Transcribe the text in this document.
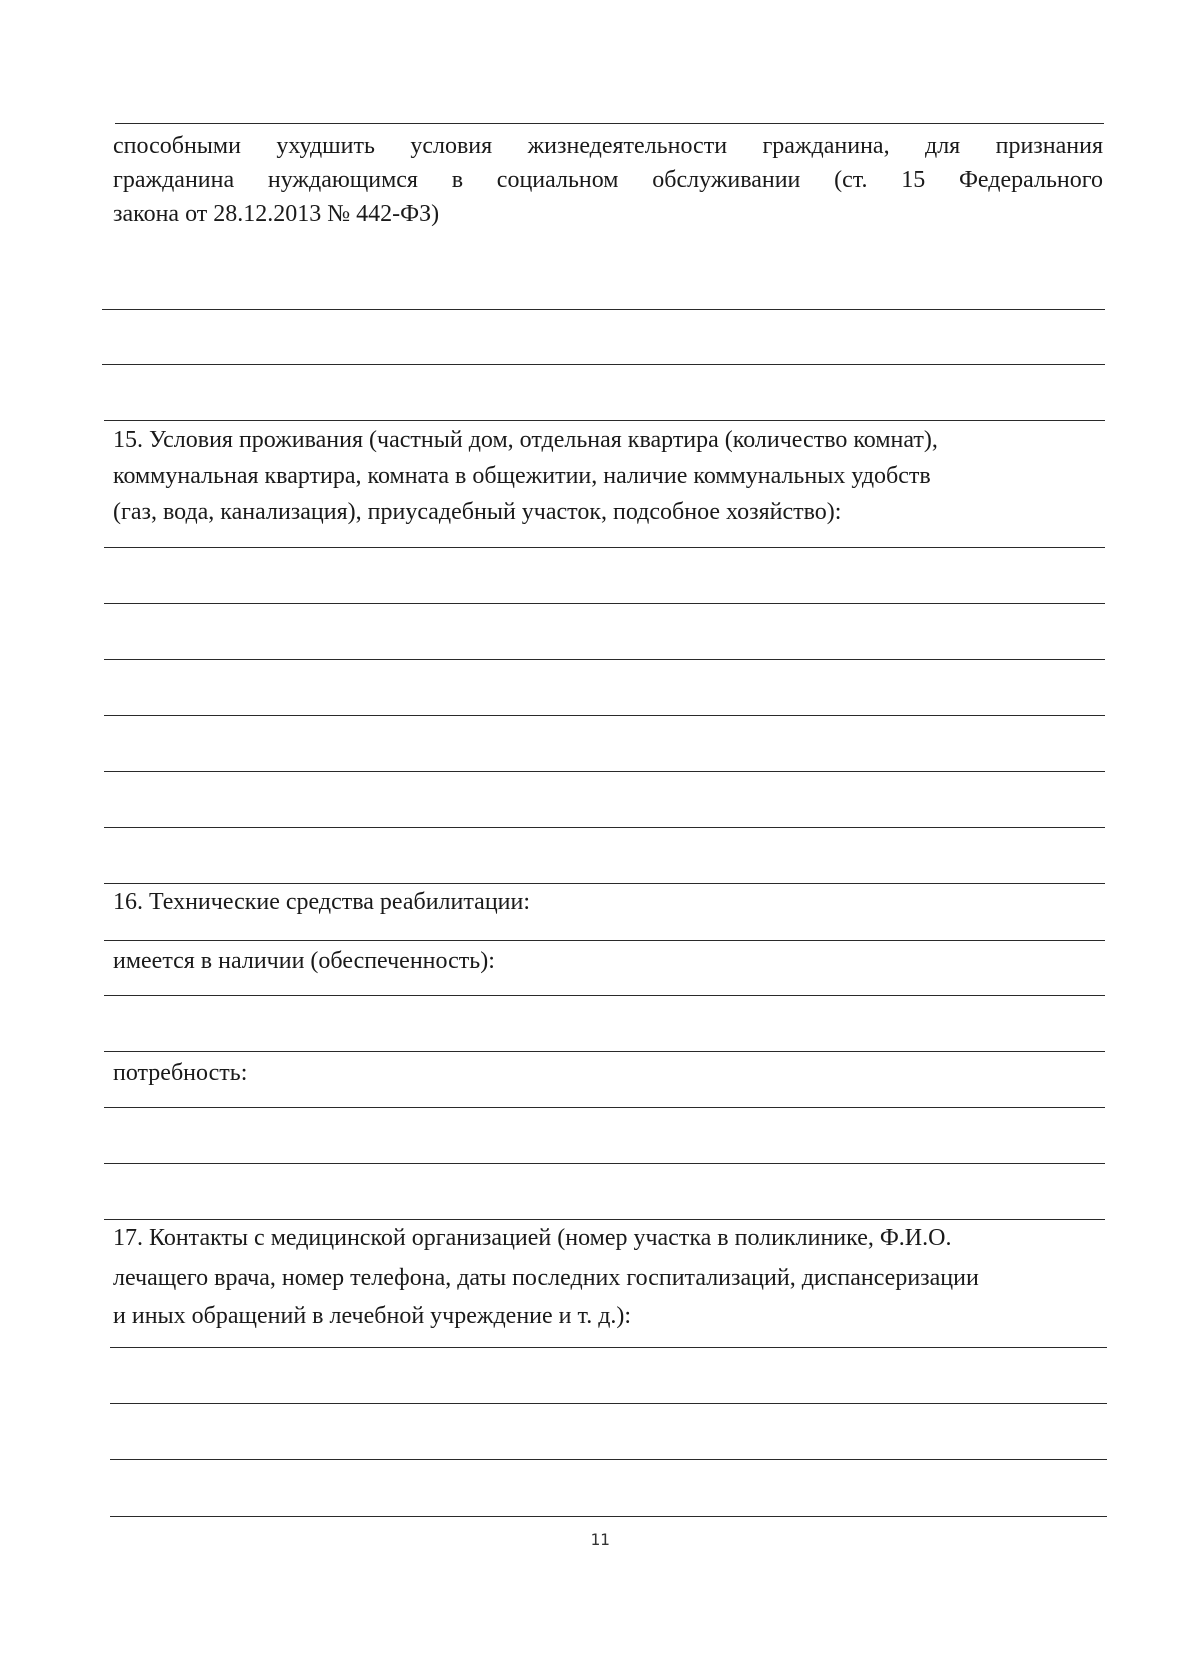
способными ухудшить условия жизнедеятельности гражданина, для признания

гражданина нуждающимся в социальном обслуживании (ст. 15 Федерального

закона от 28.12.2013 № 442-ФЗ)

15. Условия проживания (частный дом, отдельная квартира (количество комнат),

коммунальная квартира, комната в общежитии, наличие коммунальных удобств

(газ, вода, канализация), приусадебный участок, подсобное хозяйство):

16. Технические средства реабилитации:

имеется в наличии (обеспеченность):

потребность:

17. Контакты с медицинской организацией (номер участка в поликлинике, Ф.И.О.

лечащего врача, номер телефона, даты последних госпитализаций, диспансеризации

и иных обращений в лечебной учреждение и т. д.):

11
